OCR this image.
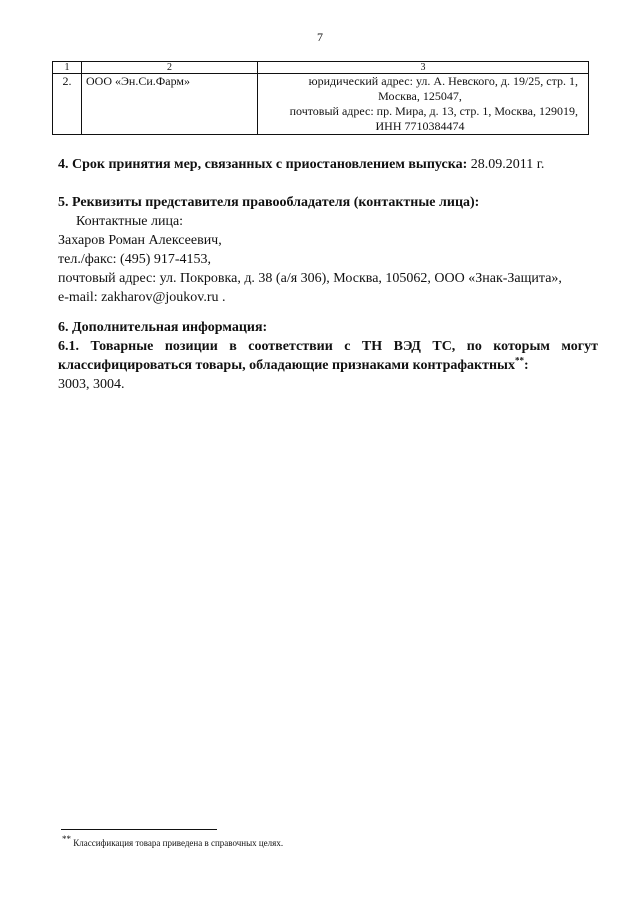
7
1	2	3
2.	ООО «Эн.Си.Фарм»	юридический адрес: ул. А. Невского, д. 19/25, стр. 1,
Москва, 125047,
почтовый адрес: пр. Мира, д. 13, стр. 1, Москва, 129019,
ИНН 7710384474
4. Срок принятия мер, связанных с приостановлением выпуска: 28.09.2011 г.
5. Реквизиты представителя правообладателя (контактные лица):
Контактные лица:
Захаров Роман Алексеевич,
тел./факс: (495) 917-4153,
почтовый адрес: ул. Покровка, д. 38 (а/я 306), Москва, 105062, ООО «Знак-Защита»,
e-mail: zakharov@joukov.ru .
6. Дополнительная информация:
6.1. Товарные позиции в соответствии с ТН ВЭД ТС, по которым могут
классифицироваться товары, обладающие признаками контрафактных**:
3003, 3004.
** Классификация товара приведена в справочных целях.
